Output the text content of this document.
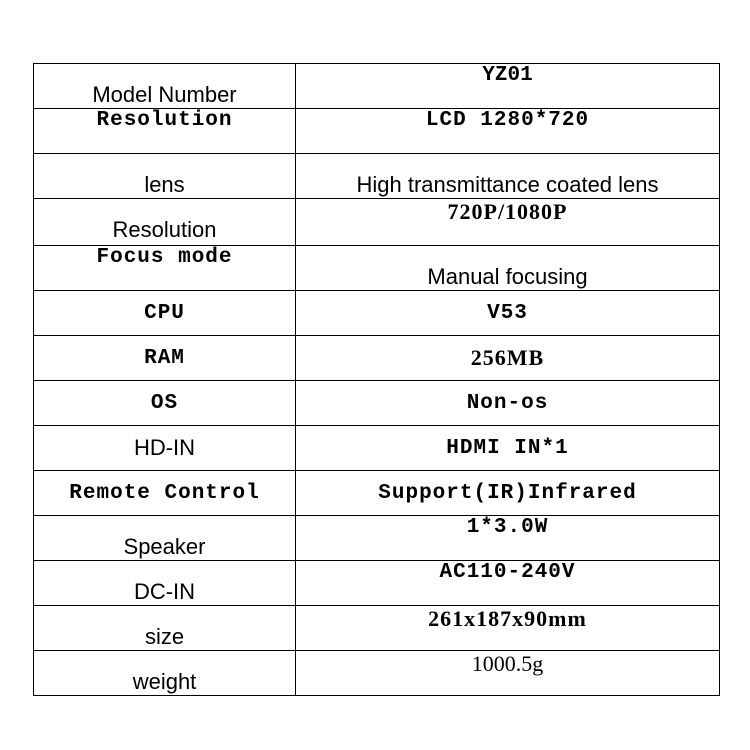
Model Number	YZ01
Resolution	LCD 1280*720
lens	High transmittance coated lens
Resolution	720P/1080P
Focus mode	Manual focusing
CPU	V53
RAM	256MB
OS	Non-os
HD-IN	HDMI IN*1
Remote Control	Support(IR)Infrared
Speaker	1*3.0W
DC-IN	AC110-240V
size	261x187x90mm
weight	1000.5g
